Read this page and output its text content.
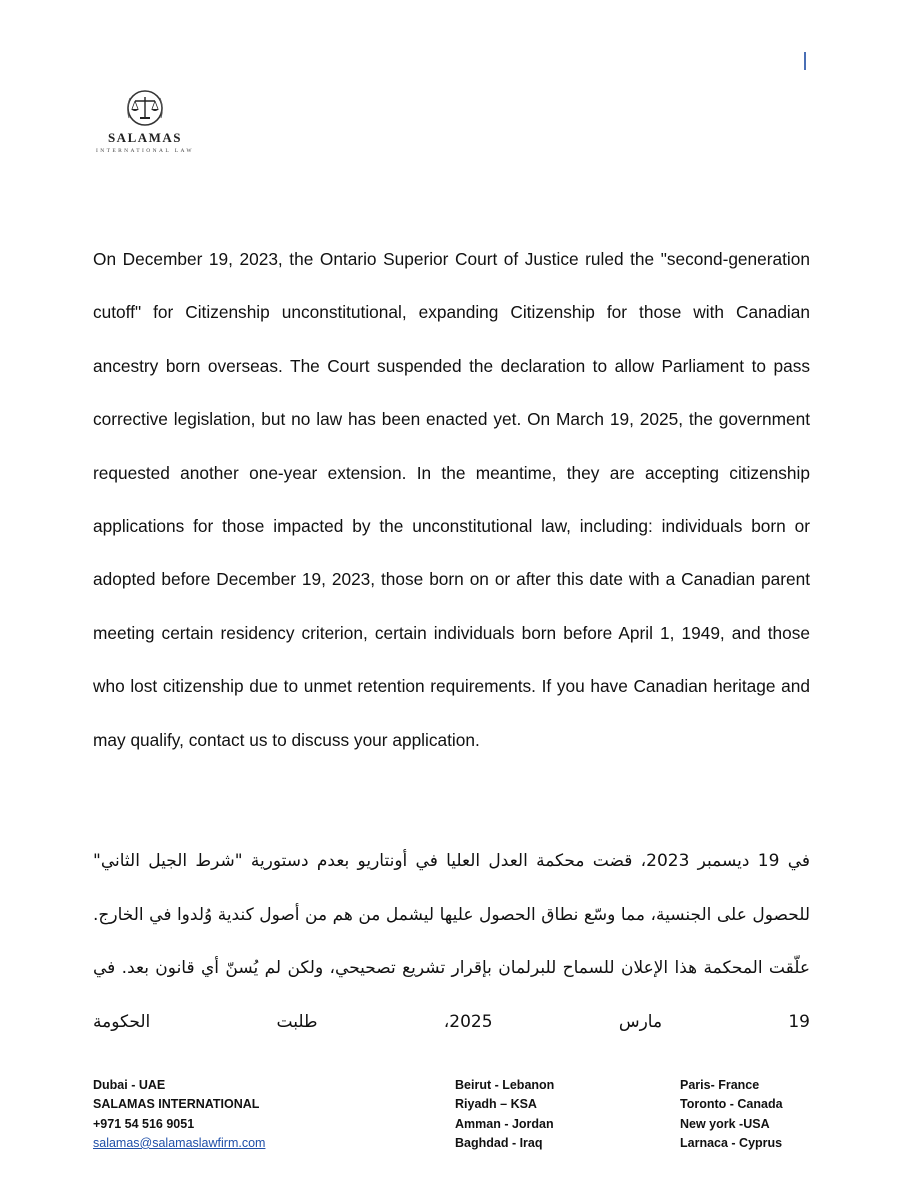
SALAMAS
INTERNATIONAL LAW

On December 19, 2023, the Ontario Superior Court of Justice ruled the "second-generation cutoff" for Citizenship unconstitutional, expanding Citizenship for those with Canadian ancestry born overseas. The Court suspended the declaration to allow Parliament to pass corrective legislation, but no law has been enacted yet. On March 19, 2025, the government requested another one-year extension. In the meantime, they are accepting citizenship applications for those impacted by the unconstitutional law, including: individuals born or adopted before December 19, 2023, those born on or after this date with a Canadian parent meeting certain residency criterion, certain individuals born before April 1, 1949, and those who lost citizenship due to unmet retention requirements. If you have Canadian heritage and may qualify, contact us to discuss your application.

في 19 ديسمبر 2023، قضت محكمة العدل العليا في أونتاريو بعدم دستورية "شرط الجيل الثاني" للحصول على الجنسية، مما وسّع نطاق الحصول عليها ليشمل من هم من أصول كندية وُلدوا في الخارج. علّقت المحكمة هذا الإعلان للسماح للبرلمان بإقرار تشريع تصحيحي، ولكن لم يُسنّ أي قانون بعد. في 19 مارس 2025، طلبت الحكومة

Dubai - UAE
SALAMAS INTERNATIONAL
+971 54 516 9051
salamas@salamaslawfirm.com
Beirut - Lebanon
Riyadh – KSA
Amman - Jordan
Baghdad - Iraq
Paris- France
Toronto - Canada
New york -USA
Larnaca - Cyprus
